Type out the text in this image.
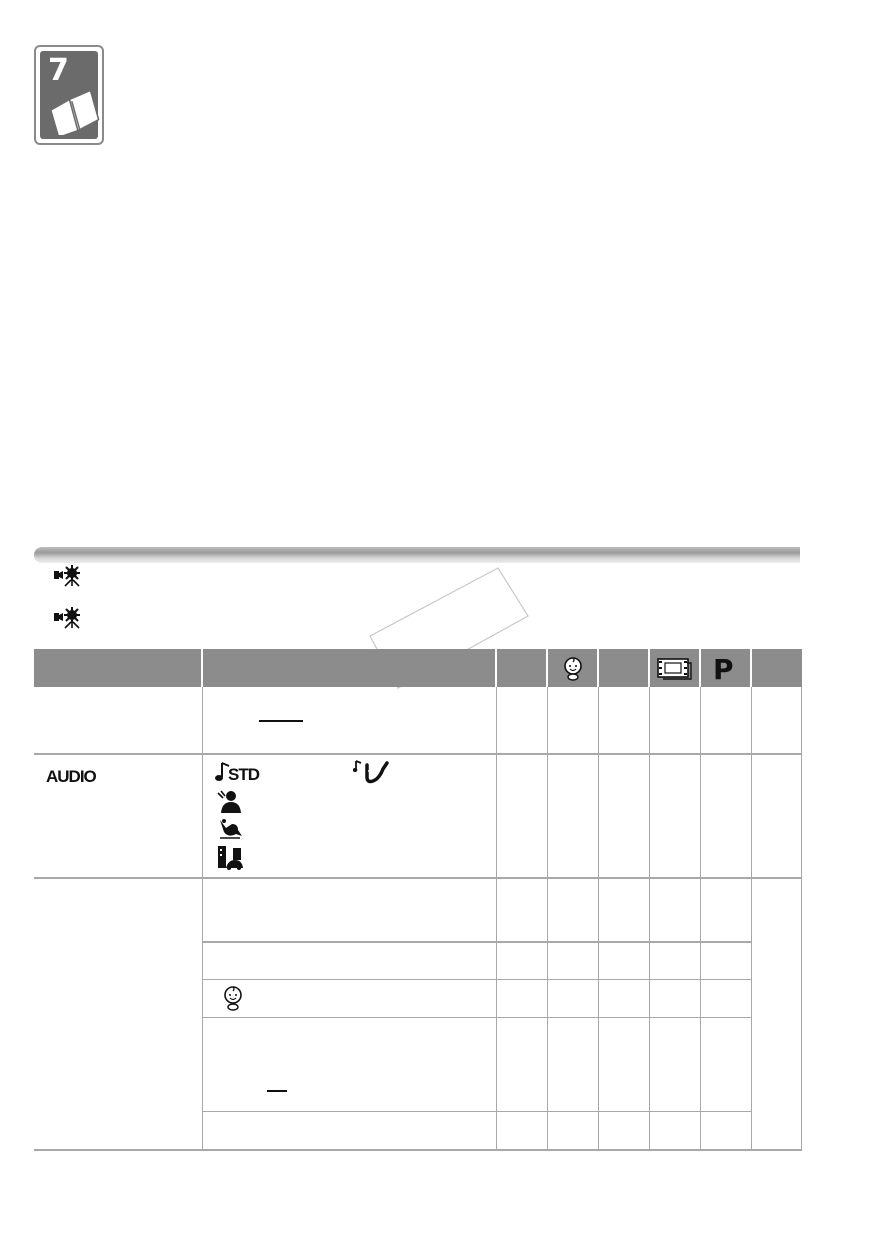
7
P
AUDIO	STD
